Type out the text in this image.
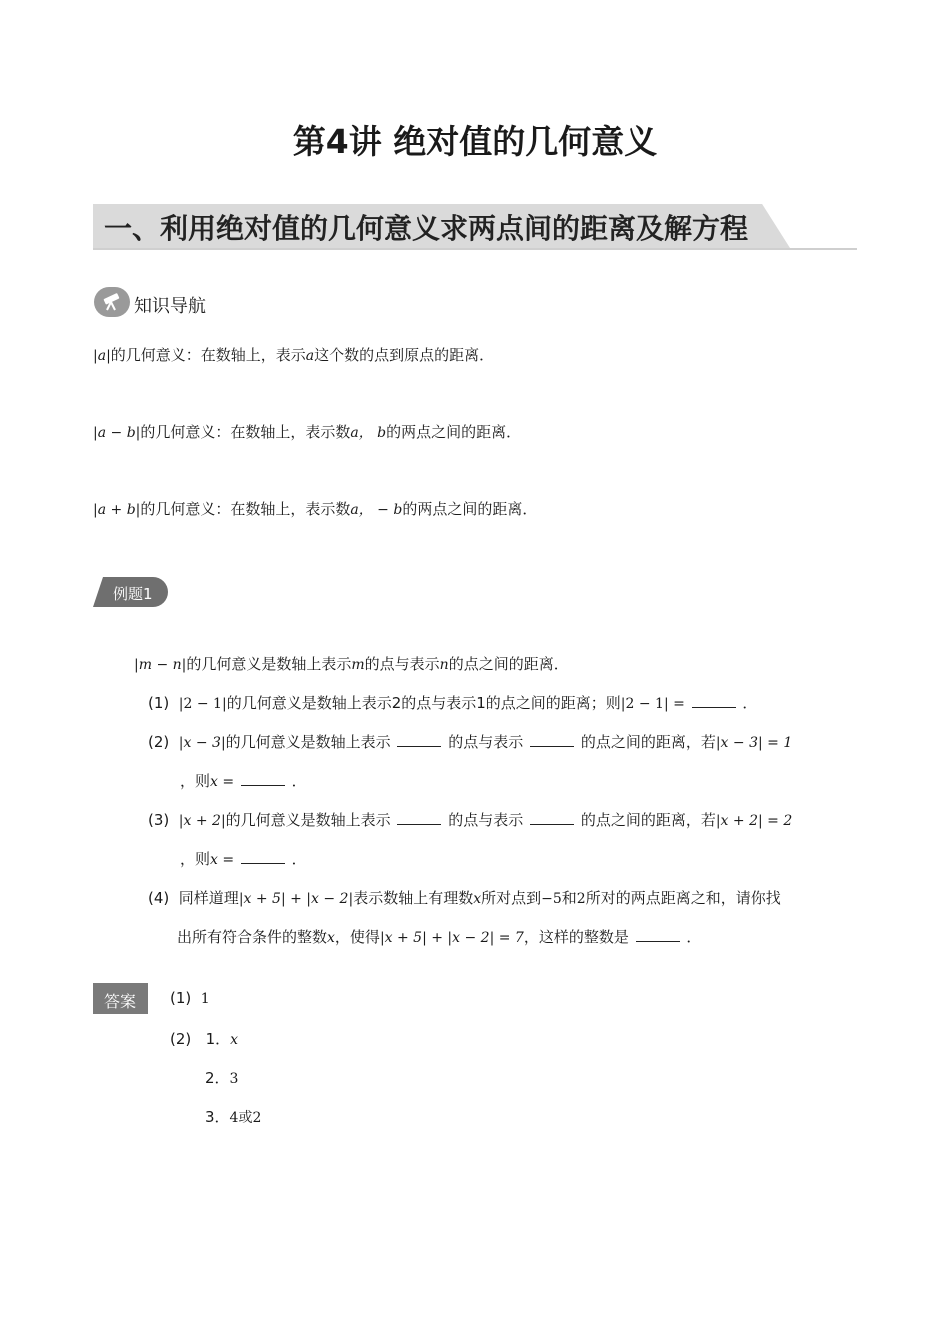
第4讲 绝对值的几何意义
一、利用绝对值的几何意义求两点间的距离及解方程
知识导航
|a|的几何意义：在数轴上，表示a这个数的点到原点的距离．
|a − b|的几何意义：在数轴上，表示数a， b的两点之间的距离．
|a + b|的几何意义：在数轴上，表示数a， − b的两点之间的距离．
例题1
|m − n|的几何意义是数轴上表示m的点与表示n的点之间的距离．
(1) |2 − 1|的几何意义是数轴上表示2的点与表示1的点之间的距离；则|2 − 1| =	．
(2) |x − 3|的几何意义是数轴上表示	的点与表示	的点之间的距离，若|x − 3| = 1
，则x =	．
(3) |x + 2|的几何意义是数轴上表示	的点与表示	的点之间的距离，若|x + 2| = 2
，则x =	．
(4) 同样道理|x + 5| + |x − 2|表示数轴上有理数x所对点到−5和2所对的两点距离之和，请你找
出所有符合条件的整数x，使得|x + 5| + |x − 2| = 7，这样的整数是	．
答案 (1) 1
(2) 1．x
2．3
3．4或2
